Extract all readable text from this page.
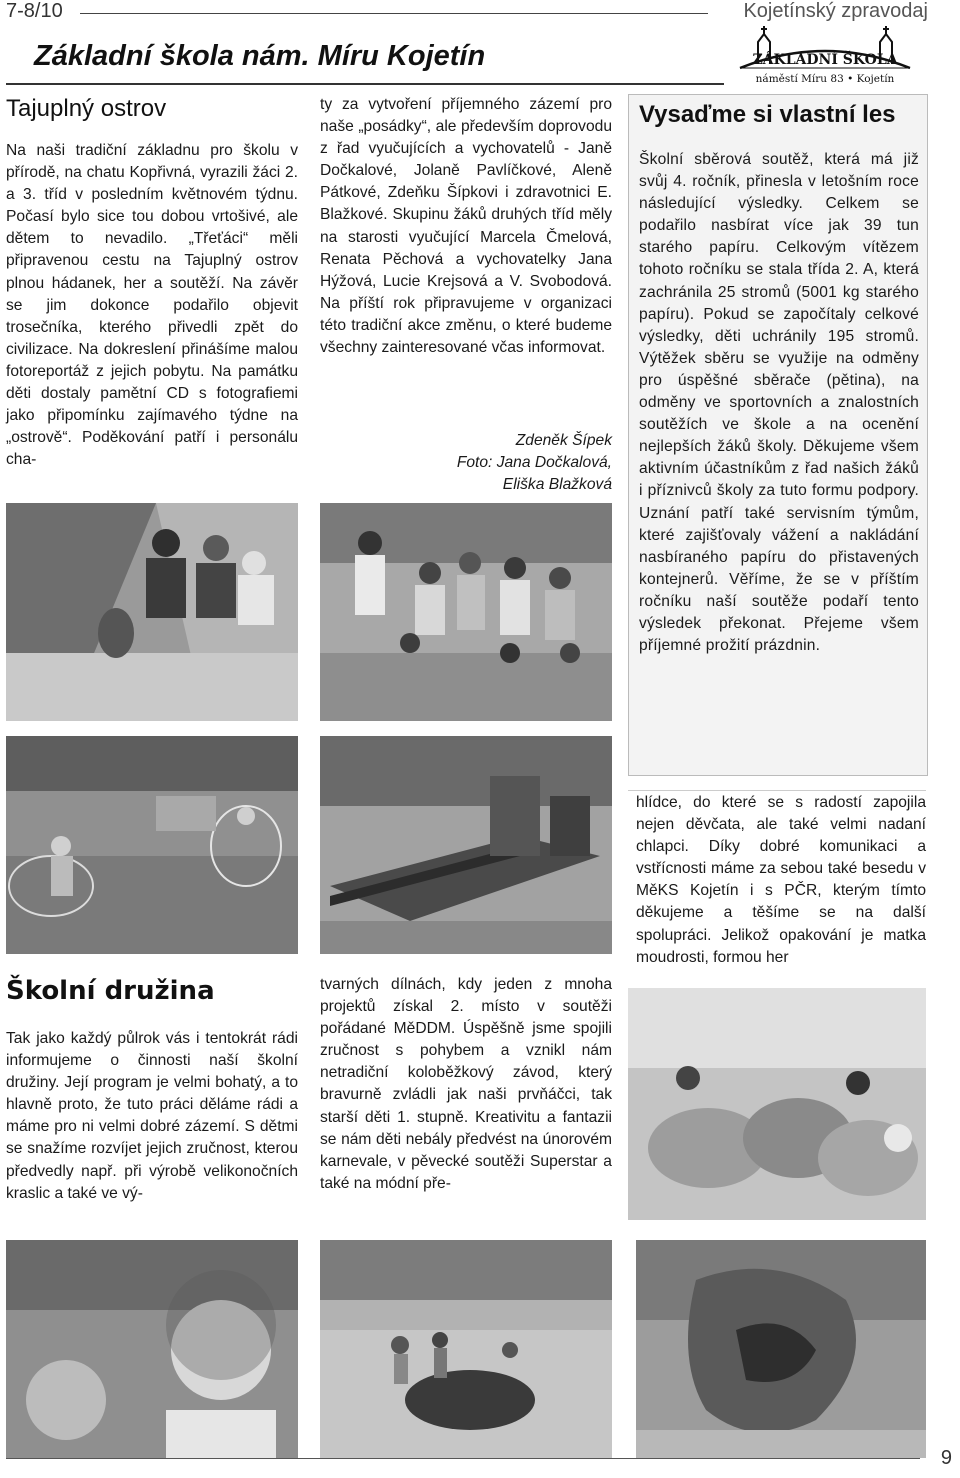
7-8/10	Kojetínský zpravodaj
Základní škola nám. Míru Kojetín	ZÁKLADNÍ ŠKOLA
náměstí Míru 83 • Kojetín
Tajuplný ostrov
Na naši tradiční základnu pro školu v přírodě, na chatu Kopřivná, vyrazili žáci 2. a 3. tříd v posledním květnovém týdnu. Počasí bylo sice tou dobou vrtošivé, ale dětem to nevadilo. „Třeťáci“ měli připravenou cestu na Tajuplný ostrov plnou hádanek, her a soutěží. Na závěr se jim dokonce podařilo objevit trosečníka, kterého přivedli zpět do civilizace. Na dokreslení přinášíme malou fotoreportáž z jejich pobytu. Na památku děti dostaly pamětní CD s fotografiemi jako připomínku zajímavého týdne na „ostrově“. Poděkování patří i personálu cha-
ty za vytvoření příjemného zázemí pro naše „posádky“, ale především doprovodu z řad vyučujících a vychovatelů - Janě Dočkalové, Jolaně Pavlíčkové, Aleně Pátkové, Zdeňku Šípkovi i zdravotnici E. Blažkové. Skupinu žáků druhých tříd měly na starosti vyučující Marcela Čmelová, Renata Pěchová a vychovatelky Jana Hýžová, Lucie Krejsová a V. Svobodová. Na příští rok připravujeme v organizaci této tradiční akce změnu, o které budeme všechny zainteresované včas informovat.
Zdeněk Šípek
Foto: Jana Dočkalová,
Eliška Blažková
Vysaďme si vlastní les
Školní sběrová soutěž, která má již svůj 4. ročník, přinesla v letošním roce následující výsledky. Celkem se podařilo nasbírat více jak 39 tun starého papíru. Celkovým vítězem tohoto ročníku se stala třída 2. A, která zachránila 25 stromů (5001 kg starého papíru). Pokud se započítaly celkové výsledky, děti uchránily 195 stromů. Výtěžek sběru se využije na odměny pro úspěšné sběrače (pětina), na odměny ve sportovních a znalostních soutěžích ve škole a na ocenění nejlepších žáků školy. Děkujeme všem aktivním účastníkům z řad našich žáků i příznivců školy za tuto formu podpory. Uznání patří také servisním týmům, které zajišťovaly vážení a nakládání nasbíraného papíru do přistavených kontejnerů. Věříme, že se v příštím ročníku naší soutěže podaří tento výsledek překonat. Přejeme všem příjemné prožití prázdnin.
hlídce, do které se s radostí zapojila nejen děvčata, ale také velmi nadaní chlapci. Díky dobré komunikaci a vstřícnosti máme za sebou také besedu v MěKS Kojetín i s PČR, kterým tímto děkujeme a těšíme se na další spolupráci. Jelikož opakování je matka moudrosti, formou her
Školní družina
Tak jako každý půlrok vás i tentokrát rádi informujeme o činnosti naší školní družiny. Její program je velmi bohatý, a to hlavně proto, že tuto práci děláme rádi a máme pro ni velmi dobré zázemí. S dětmi se snažíme rozvíjet jejich zručnost, kterou předvedly např. při výrobě velikonočních kraslic a také ve vý-
tvarných dílnách, kdy jeden z mnoha projektů získal 2. místo v soutěži pořádané MěDDM. Úspěšně jsme spojili zručnost s pohybem a vznikl nám netradiční koloběžkový závod, který bravurně zvládli jak naši prvňáčci, tak starší děti 1. stupně. Kreativitu a fantazii se nám děti nebály předvést na únorovém karnevale, v pěvecké soutěži Superstar a také na módní pře-
9
